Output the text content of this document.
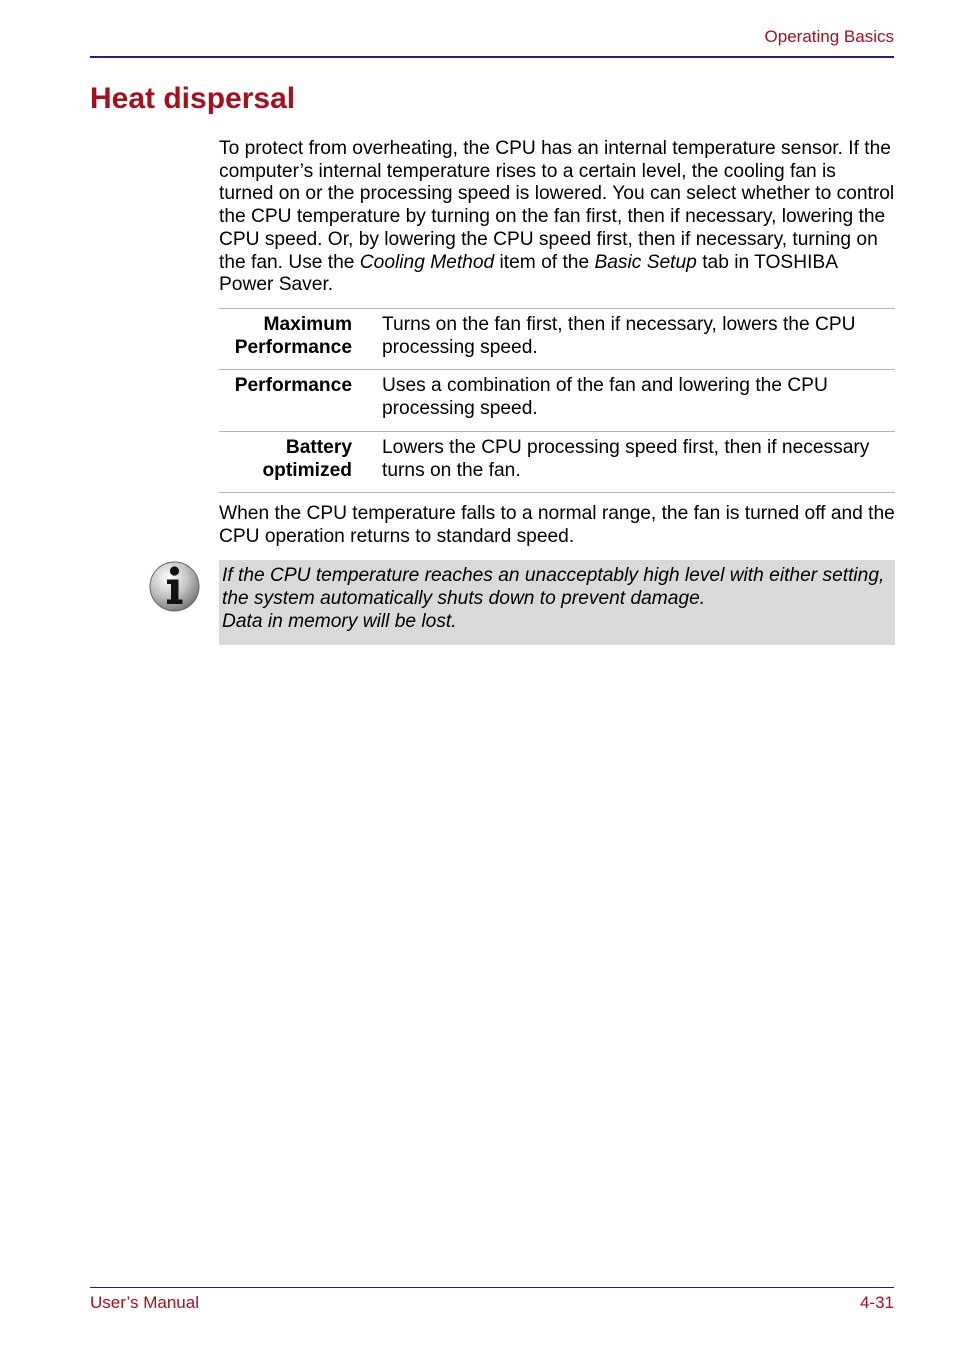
Operating Basics
Heat dispersal

To protect from overheating, the CPU has an internal temperature sensor. If the computer’s internal temperature rises to a certain level, the cooling fan is turned on or the processing speed is lowered. You can select whether to control the CPU temperature by turning on the fan first, then if necessary, lowering the CPU speed. Or, by lowering the CPU speed first, then if necessary, turning on the fan. Use the Cooling Method item of the Basic Setup tab in TOSHIBA Power Saver.

Maximum Performance	Turns on the fan first, then if necessary, lowers the CPU processing speed.
Performance	Uses a combination of the fan and lowering the CPU processing speed.
Battery optimized	Lowers the CPU processing speed first, then if necessary turns on the fan.

When the CPU temperature falls to a normal range, the fan is turned off and the CPU operation returns to standard speed.

If the CPU temperature reaches an unacceptably high level with either setting, the system automatically shuts down to prevent damage.

Data in memory will be lost.

User’s Manual	4-31
